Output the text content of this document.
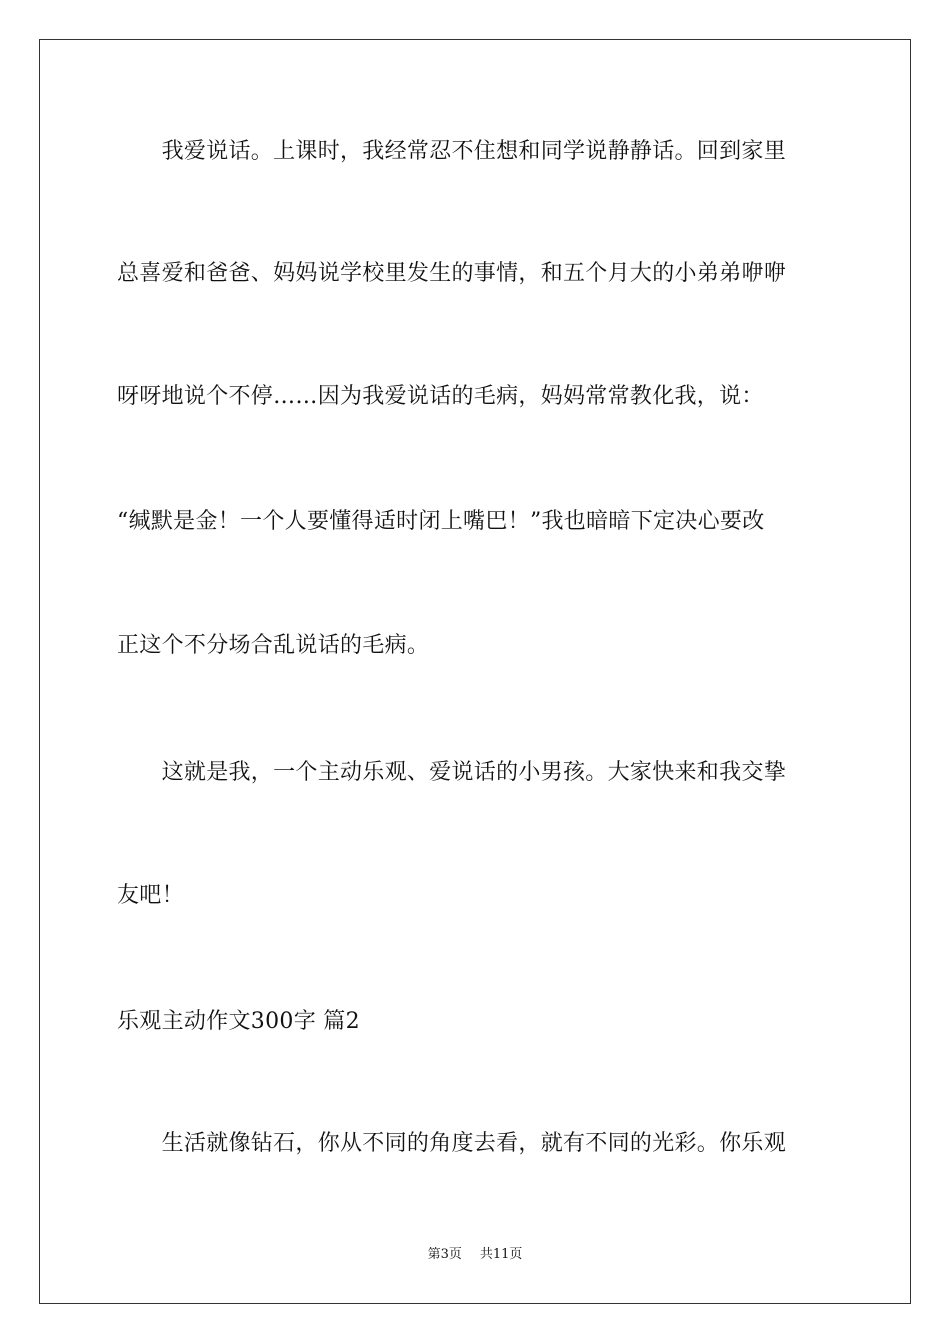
　　我爱说话。上课时，我经常忍不住想和同学说静静话。回到家里
总喜爱和爸爸、妈妈说学校里发生的事情，和五个月大的小弟弟咿咿
呀呀地说个不停……因为我爱说话的毛病，妈妈常常教化我，说：
“缄默是金！一个人要懂得适时闭上嘴巴！”我也暗暗下定决心要改
正这个不分场合乱说话的毛病。
　　这就是我，一个主动乐观、爱说话的小男孩。大家快来和我交挚
友吧！
乐观主动作文300字 篇2
　　生活就像钻石，你从不同的角度去看，就有不同的光彩。你乐观
第3页 共11页
